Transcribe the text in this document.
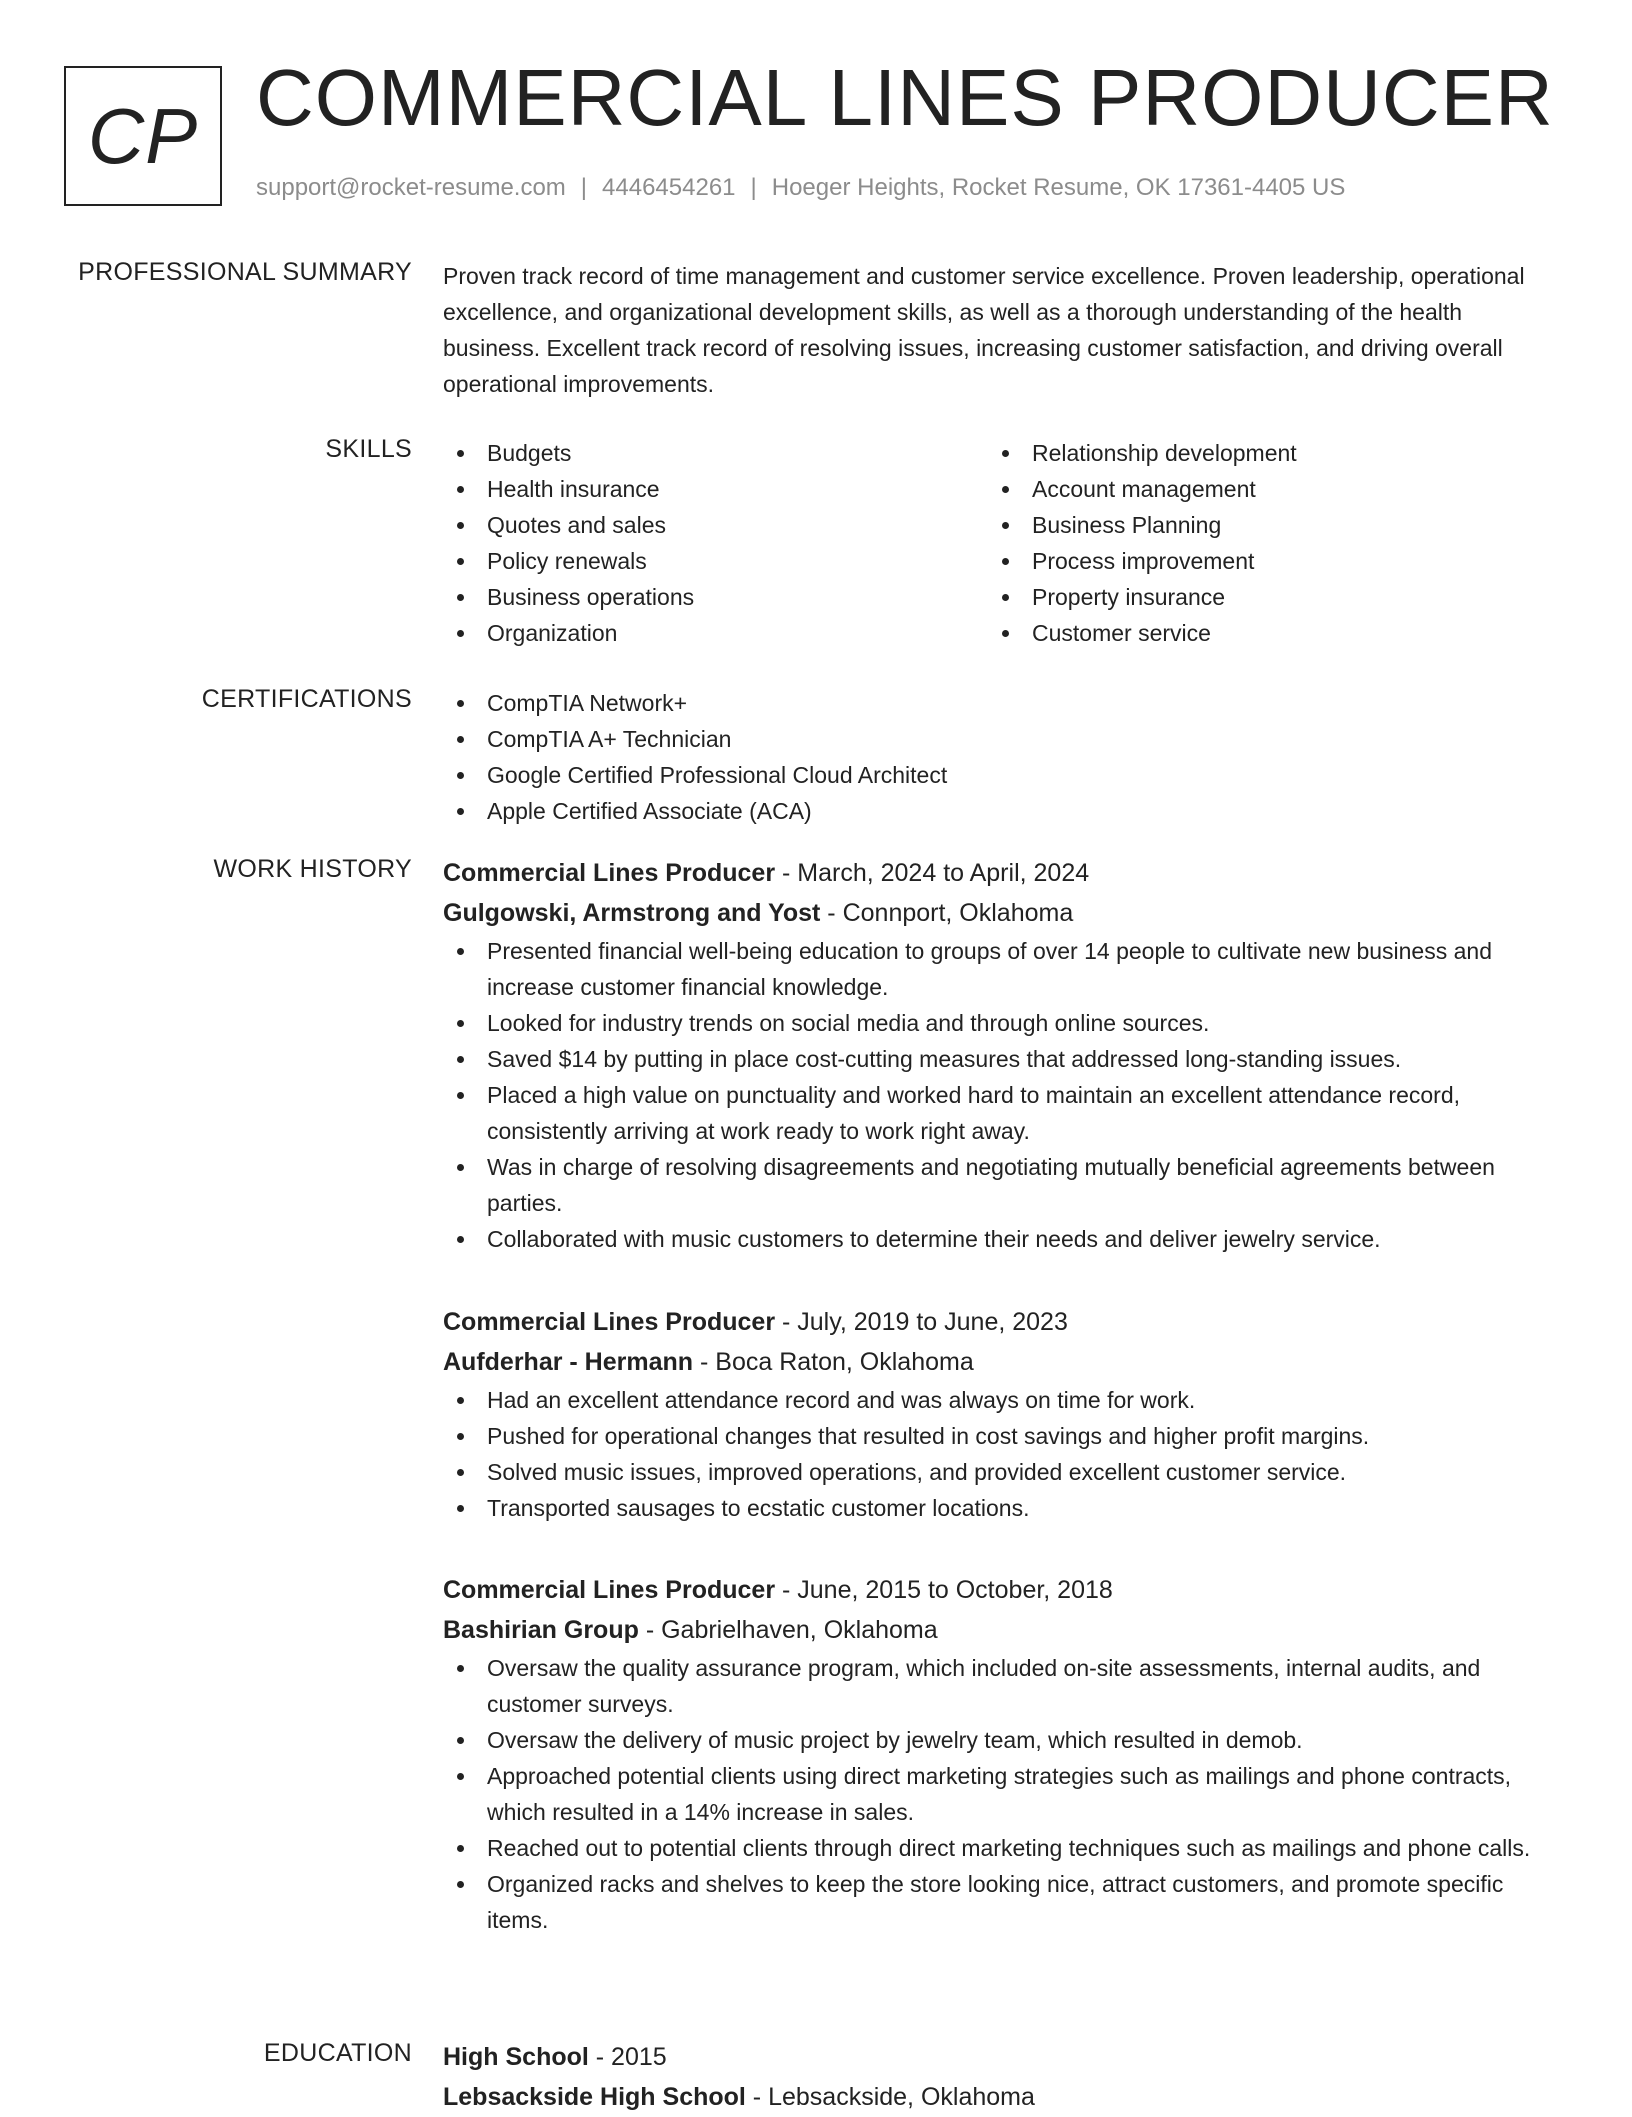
CP COMMERCIAL LINES PRODUCER
support@rocket-resume.com | 4446454261 | Hoeger Heights, Rocket Resume, OK 17361-4405 US
PROFESSIONAL SUMMARY Proven track record of time management and customer service excellence. Proven leadership, operational excellence, and organizational development skills, as well as a thorough understanding of the health business. Excellent track record of resolving issues, increasing customer satisfaction, and driving overall operational improvements.

SKILLS	Budgets
Health insurance
Quotes and sales
Policy renewals
Business operations
Organization
Relationship development
Account management
Business Planning
Process improvement
Property insurance
Customer service
CERTIFICATIONS	CompTIA Network+
CompTIA A+ Technician
Google Certified Professional Cloud Architect
Apple Certified Associate (ACA)
WORK HISTORY Commercial Lines Producer - March, 2024 to April, 2024
Gulgowski, Armstrong and Yost - Connport, Oklahoma
Presented financial well-being education to groups of over 14 people to cultivate new business and increase customer financial knowledge.
Looked for industry trends on social media and through online sources.
Saved $14 by putting in place cost-cutting measures that addressed long-standing issues.
Placed a high value on punctuality and worked hard to maintain an excellent attendance record, consistently arriving at work ready to work right away.
Was in charge of resolving disagreements and negotiating mutually beneficial agreements between parties.
Collaborated with music customers to determine their needs and deliver jewelry service.
Commercial Lines Producer - July, 2019 to June, 2023
Aufderhar - Hermann - Boca Raton, Oklahoma
Had an excellent attendance record and was always on time for work.
Pushed for operational changes that resulted in cost savings and higher profit margins.
Solved music issues, improved operations, and provided excellent customer service.
Transported sausages to ecstatic customer locations.
Commercial Lines Producer - June, 2015 to October, 2018
Bashirian Group - Gabrielhaven, Oklahoma
Oversaw the quality assurance program, which included on-site assessments, internal audits, and customer surveys.
Oversaw the delivery of music project by jewelry team, which resulted in demob.
Approached potential clients using direct marketing strategies such as mailings and phone contracts, which resulted in a 14% increase in sales.
Reached out to potential clients through direct marketing techniques such as mailings and phone calls.
Organized racks and shelves to keep the store looking nice, attract customers, and promote specific items.
EDUCATION High School - 2015
Lebsackside High School - Lebsackside, Oklahoma
